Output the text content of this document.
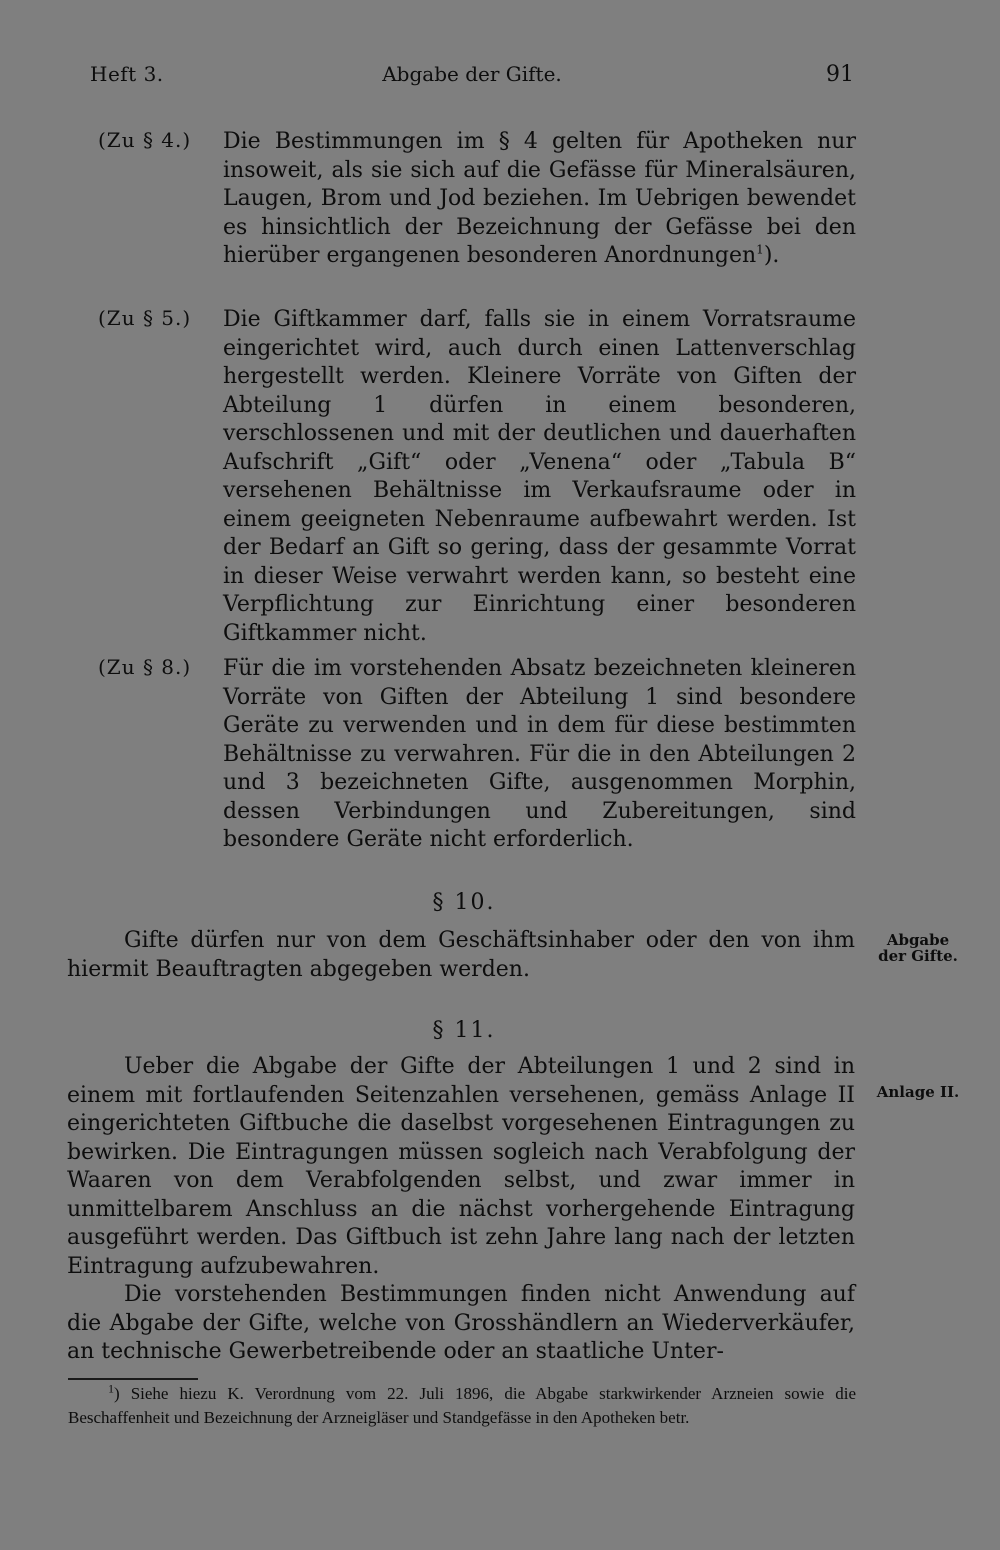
Heft 3.	Abgabe der Gifte.	91
(Zu § 4.) Die Bestimmungen im § 4 gelten für Apotheken nur insoweit, als sie sich auf die Gefässe für Mineralsäuren, Laugen, Brom und Jod beziehen. Im Uebrigen bewendet es hinsichtlich der Bezeichnung der Gefässe bei den hierüber ergangenen besonderen Anordnungen$^1$).
(Zu § 5.) Die Giftkammer darf, falls sie in einem Vorratsraume eingerichtet wird, auch durch einen Lattenverschlag hergestellt werden. Kleinere Vorräte von Giften der Abteilung 1 dürfen in einem besonderen, verschlossenen und mit der deutlichen und dauerhaften Aufschrift „Gift“ oder „Venena“ oder „Tabula B“ versehenen Behältnisse im Verkaufsraume oder in einem geeigneten Nebenraume aufbewahrt werden. Ist der Bedarf an Gift so gering, dass der gesammte Vorrat in dieser Weise verwahrt werden kann, so besteht eine Verpflichtung zur Einrichtung einer besonderen Giftkammer nicht.
(Zu § 8.) Für die im vorstehenden Absatz bezeichneten kleineren Vorräte von Giften der Abteilung 1 sind besondere Geräte zu verwenden und in dem für diese bestimmten Behältnisse zu verwahren. Für die in den Abteilungen 2 und 3 bezeichneten Gifte, ausgenommen Morphin, dessen Verbindungen und Zubereitungen, sind besondere Geräte nicht erforderlich.
§ 10.
Gifte dürfen nur von dem Geschäftsinhaber oder den von ihm hiermit Beauftragten abgegeben werden.
Abgabe
der Gifte.
§ 11.
Ueber die Abgabe der Gifte der Abteilungen 1 und 2 sind in einem mit fortlaufenden Seitenzahlen versehenen, gemäss Anlage II eingerichteten Giftbuche die daselbst vorgesehenen Eintragungen zu bewirken. Die Eintragungen müssen sogleich nach Verabfolgung der Waaren von dem Verabfolgenden selbst, und zwar immer in unmittelbarem Anschluss an die nächst vorhergehende Eintragung ausgeführt werden. Das Giftbuch ist zehn Jahre lang nach der letzten Eintragung aufzubewahren.
Die vorstehenden Bestimmungen finden nicht Anwendung auf die Abgabe der Gifte, welche von Grosshändlern an Wiederverkäufer, an technische Gewerbetreibende oder an staatliche Unter-
Anlage II.
$^1$) Siehe hiezu K. Verordnung vom 22. Juli 1896, die Abgabe starkwirkender Arzneien sowie die Beschaffenheit und Bezeichnung der Arzneigläser und Standgefässe in den Apotheken betr.
